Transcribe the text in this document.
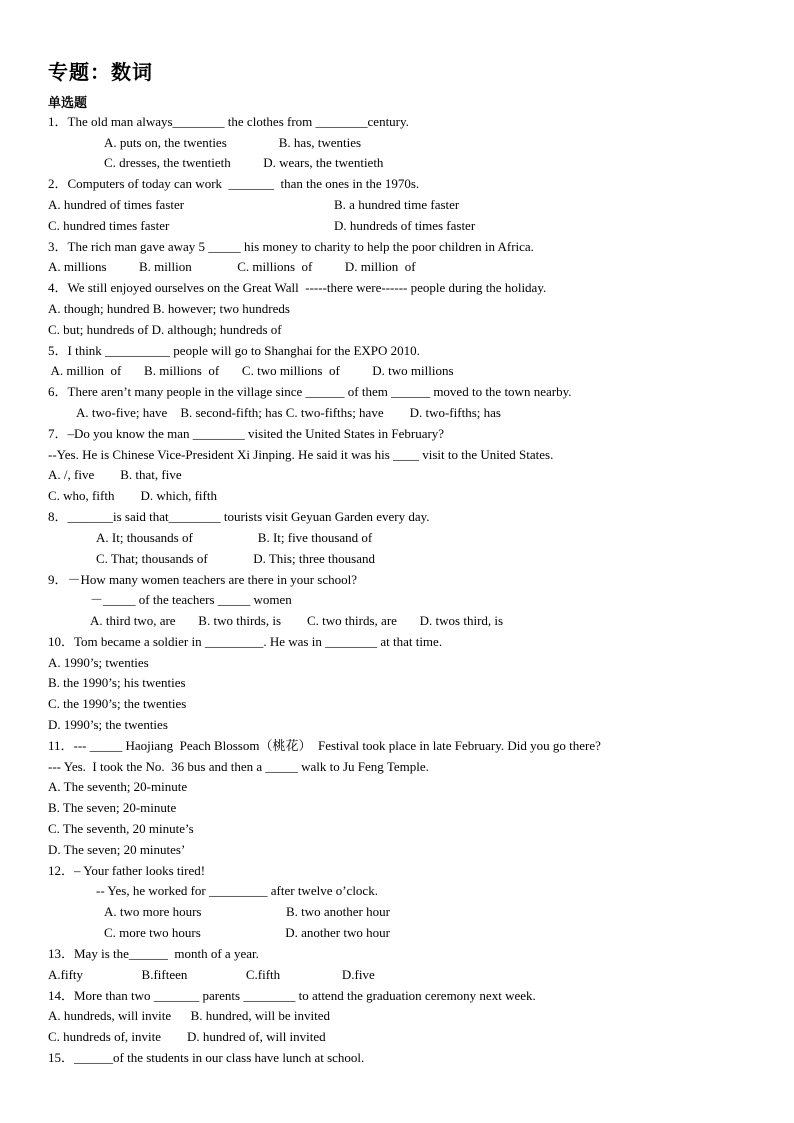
专题：数词
单选题
1．The old man always________ the clothes from ________century.
A. puts on, the twenties                B. has, twenties
C. dresses, the twentieth          D. wears, the twentieth
2．Computers of today can work  _______  than the ones in the 1970s.
A. hundred of times faster	B. a hundred time faster
C. hundred times faster	D. hundreds of times faster
3．The rich man gave away 5 _____ his money to charity to help the poor children in Africa.
A. millions          B. million              C. millions  of          D. million  of
4．We still enjoyed ourselves on the Great Wall  -----there were------ people during the holiday.
A. though; hundred B. however; two hundreds
C. but; hundreds of D. although; hundreds of
5．I think __________ people will go to Shanghai for the EXPO 2010.
A. million  of       B. millions  of       C. two millions  of          D. two millions
6．There aren’t many people in the village since ______ of them ______ moved to the town nearby.
A. two-five; have    B. second-fifth; has C. two-fifths; have        D. two-fifths; has
7．–Do you know the man ________ visited the United States in February?
--Yes. He is Chinese Vice-President Xi Jinping. He said it was his ____ visit to the United States.
A. /, five        B. that, five
C. who, fifth        D. which, fifth
8．_______is said that________ tourists visit Geyuan Garden every day.
A. It; thousands of                    B. It; five thousand of
C. That; thousands of              D. This; three thousand
9．－How many women teachers are there in your school?
－_____ of the teachers _____ women
A. third two, are       B. two thirds, is        C. two thirds, are       D. twos third, is
10．Tom became a soldier in _________. He was in ________ at that time.
A. 1990’s; twenties
B. the 1990’s; his twenties
C. the 1990’s; the twenties
D. 1990’s; the twenties
11．--- _____ Haojiang  Peach Blossom（桃花）  Festival took place in late February. Did you go there?
--- Yes.  I took the No.  36 bus and then a _____ walk to Ju Feng Temple.
A. The seventh; 20-minute
B. The seven; 20-minute
C. The seventh, 20 minute’s
D. The seven; 20 minutes’
12．– Your father looks tired!
-- Yes, he worked for _________ after twelve o’clock.
A. two more hours                          B. two another hour
C. more two hours                          D. another two hour
13．May is the______  month of a year.
A.fifty                  B.fifteen                  C.fifth                   D.five
14．More than two _______ parents ________ to attend the graduation ceremony next week.
A. hundreds, will invite      B. hundred, will be invited
C. hundreds of, invite        D. hundred of, will invited
15．______of the students in our class have lunch at school.
